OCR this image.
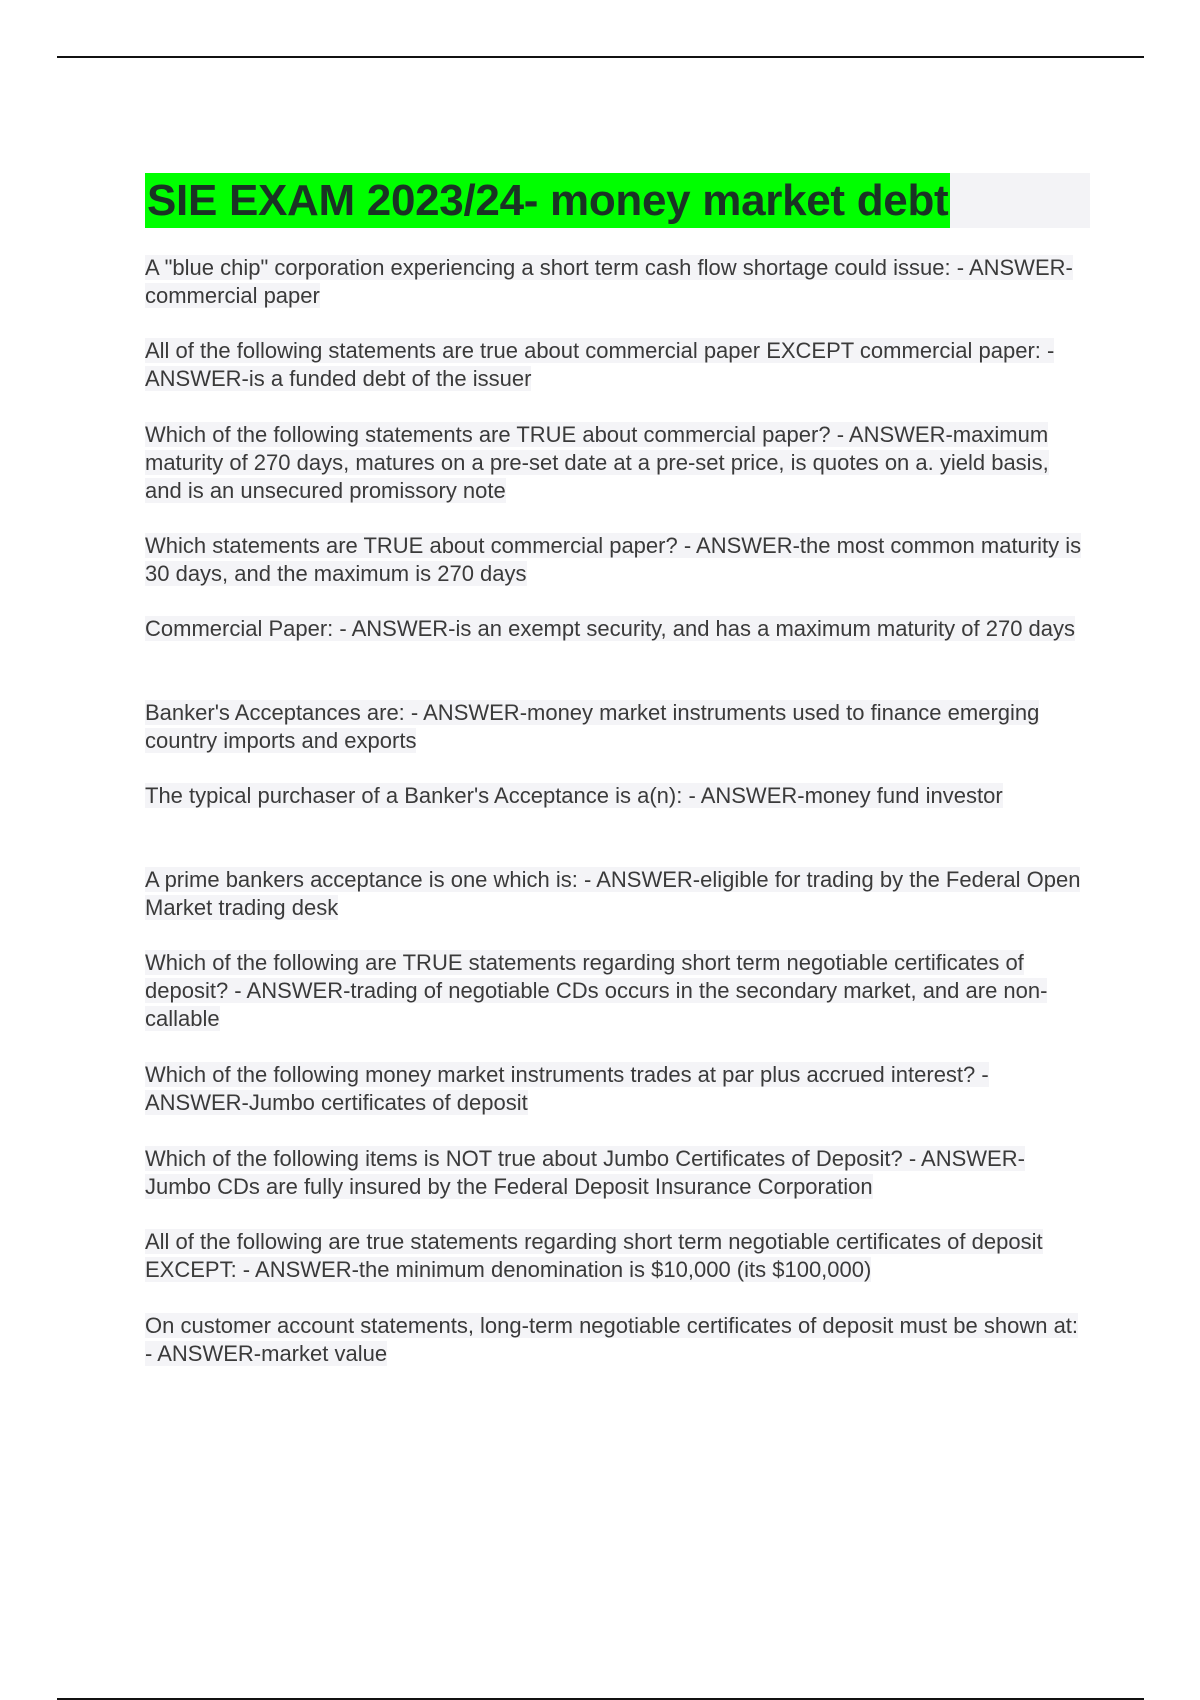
SIE EXAM 2023/24- money market debt

A "blue chip" corporation experiencing a short term cash flow shortage could issue: - ANSWER-commercial paper

All of the following statements are true about commercial paper EXCEPT commercial paper: - ANSWER-is a funded debt of the issuer

Which of the following statements are TRUE about commercial paper? - ANSWER-maximum maturity of 270 days, matures on a pre-set date at a pre-set price, is quotes on a. yield basis, and is an unsecured promissory note

Which statements are TRUE about commercial paper? - ANSWER-the most common maturity is 30 days, and the maximum is 270 days

Commercial Paper: - ANSWER-is an exempt security, and has a maximum maturity of 270 days

Banker's Acceptances are: - ANSWER-money market instruments used to finance emerging country imports and exports

The typical purchaser of a Banker's Acceptance is a(n): - ANSWER-money fund investor

A prime bankers acceptance is one which is: - ANSWER-eligible for trading by the Federal Open Market trading desk

Which of the following are TRUE statements regarding short term negotiable certificates of deposit? - ANSWER-trading of negotiable CDs occurs in the secondary market, and are non-callable

Which of the following money market instruments trades at par plus accrued interest? - ANSWER-Jumbo certificates of deposit

Which of the following items is NOT true about Jumbo Certificates of Deposit? - ANSWER-Jumbo CDs are fully insured by the Federal Deposit Insurance Corporation

All of the following are true statements regarding short term negotiable certificates of deposit EXCEPT: - ANSWER-the minimum denomination is $10,000 (its $100,000)

On customer account statements, long-term negotiable certificates of deposit must be shown at: - ANSWER-market value
